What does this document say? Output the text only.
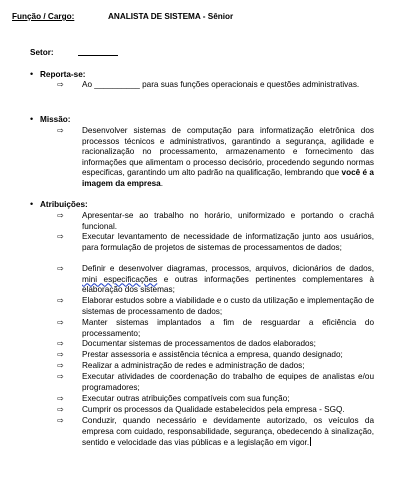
Função / Cargo:	ANALISTA DE SISTEMA - Sênior
Setor:
• Reporta-se:
⇨ Ao __________ para suas funções operacionais e questões administrativas.
• Missão:
⇨ Desenvolver sistemas de computação para informatização eletrônica dos processos técnicos e administrativos, garantindo a segurança, agilidade e racionalização no processamento, armazenamento e fornecimento das informações que alimentam o processo decisório, procedendo segundo normas especificas, garantindo um alto padrão na qualificação, lembrando que você é a imagem da empresa.
• Atribuições:
⇨ Apresentar-se ao trabalho no horário, uniformizado e portando o crachá funcional.
⇨ Executar levantamento de necessidade de informatização junto aos usuários, para formulação de projetos de sistemas de processamentos de dados;
⇨ Definir e desenvolver diagramas, processos, arquivos, dicionários de dados, mini especificações e outras informações pertinentes complementares à elaboração dos sistemas;
⇨ Elaborar estudos sobre a viabilidade e o custo da utilização e implementação de sistemas de processamento de dados;
⇨ Manter sistemas implantados a fim de resguardar a eficiência do processamento;
⇨ Documentar sistemas de processamentos de dados elaborados;
⇨ Prestar assessoria e assistência técnica a empresa, quando designado;
⇨ Realizar a administração de redes e administração de dados;
⇨ Executar atividades de coordenação do trabalho de equipes de analistas e/ou programadores;
⇨ Executar outras atribuições compatíveis com sua função;
⇨ Cumprir os processos da Qualidade estabelecidos pela empresa - SGQ.
⇨ Conduzir, quando necessário e devidamente autorizado, os veículos da empresa com cuidado, responsabilidade, segurança, obedecendo à sinalização, sentido e velocidade das vias públicas e a legislação em vigor.
